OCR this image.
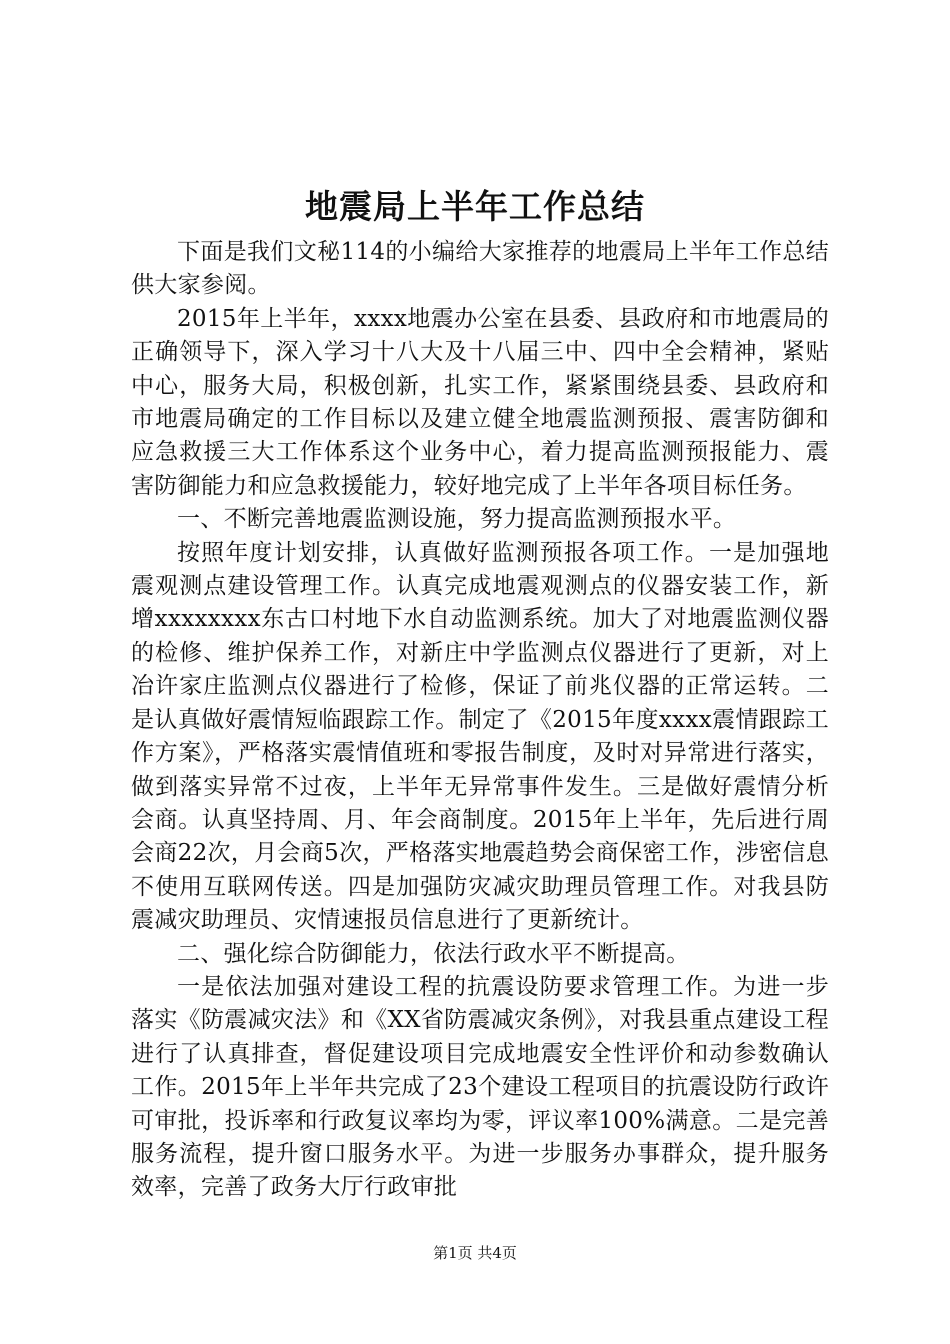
地震局上半年工作总结

下面是我们文秘114的小编给大家推荐的地震局上半年工作总结供大家参阅。

2015年上半年，xxxx地震办公室在县委、县政府和市地震局的正确领导下，深入学习十八大及十八届三中、四中全会精神，紧贴中心，服务大局，积极创新，扎实工作，紧紧围绕县委、县政府和市地震局确定的工作目标以及建立健全地震监测预报、震害防御和应急救援三大工作体系这个业务中心，着力提高监测预报能力、震害防御能力和应急救援能力，较好地完成了上半年各项目标任务。

一、不断完善地震监测设施，努力提高监测预报水平。

按照年度计划安排，认真做好监测预报各项工作。一是加强地震观测点建设管理工作。认真完成地震观测点的仪器安装工作，新增xxxxxxxx东古口村地下水自动监测系统。加大了对地震监测仪器的检修、维护保养工作，对新庄中学监测点仪器进行了更新，对上冶许家庄监测点仪器进行了检修，保证了前兆仪器的正常运转。二是认真做好震情短临跟踪工作。制定了《2015年度xxxx震情跟踪工作方案》，严格落实震情值班和零报告制度，及时对异常进行落实，做到落实异常不过夜，上半年无异常事件发生。三是做好震情分析会商。认真坚持周、月、年会商制度。2015年上半年，先后进行周会商22次，月会商5次，严格落实地震趋势会商保密工作，涉密信息不使用互联网传送。四是加强防灾减灾助理员管理工作。对我县防震减灾助理员、灾情速报员信息进行了更新统计。

二、强化综合防御能力，依法行政水平不断提高。

一是依法加强对建设工程的抗震设防要求管理工作。为进一步落实《防震减灾法》和《XX省防震减灾条例》，对我县重点建设工程进行了认真排查，督促建设项目完成地震安全性评价和动参数确认工作。2015年上半年共完成了23个建设工程项目的抗震设防行政许可审批，投诉率和行政复议率均为零，评议率100%满意。二是完善服务流程，提升窗口服务水平。为进一步服务办事群众，提升服务效率，完善了政务大厅行政审批

第1页 共4页
